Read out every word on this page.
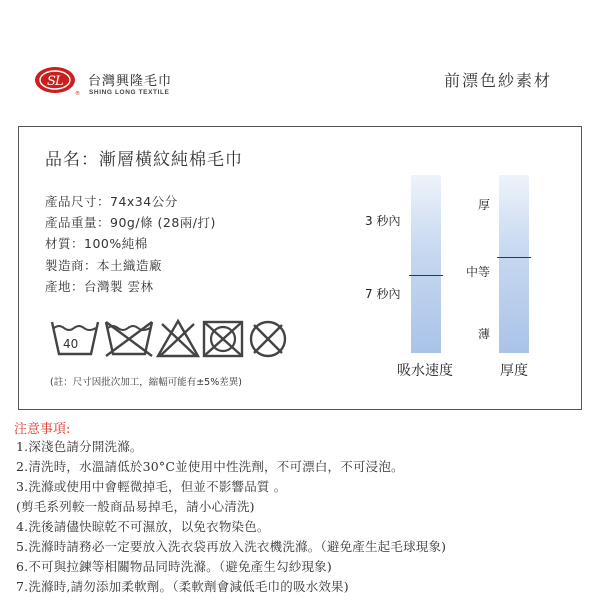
S L
®
台灣興隆毛巾
SHING LONG TEXTILE
前漂色紗素材
品名：漸層橫紋純棉毛巾
產品尺寸：74x34公分
產品重量：90g/條 (28兩/打)
材質：100%純棉
製造商：本土織造廠
產地：台灣製 雲林
40
(註：尺寸因批次加工，縮幅可能有±5%差異)
3 秒內
7 秒內
吸水速度
厚
中等
薄
厚度
注意事項:
1.深淺色請分開洗滌。
2.清洗時，水溫請低於30°C並使用中性洗劑，不可漂白，不可浸泡。
3.洗滌或使用中會輕微掉毛，但並不影響品質 。
(剪毛系列較一般商品易掉毛，請小心清洗)
4.洗後請儘快晾乾不可濕放，以免衣物染色。
5.洗滌時請務必一定要放入洗衣袋再放入洗衣機洗滌。（避免產生起毛球現象)
6.不可與拉鍊等相關物品同時洗滌。（避免產生勾紗現象)
7.洗滌時,請勿添加柔軟劑。（柔軟劑會減低毛巾的吸水效果)
